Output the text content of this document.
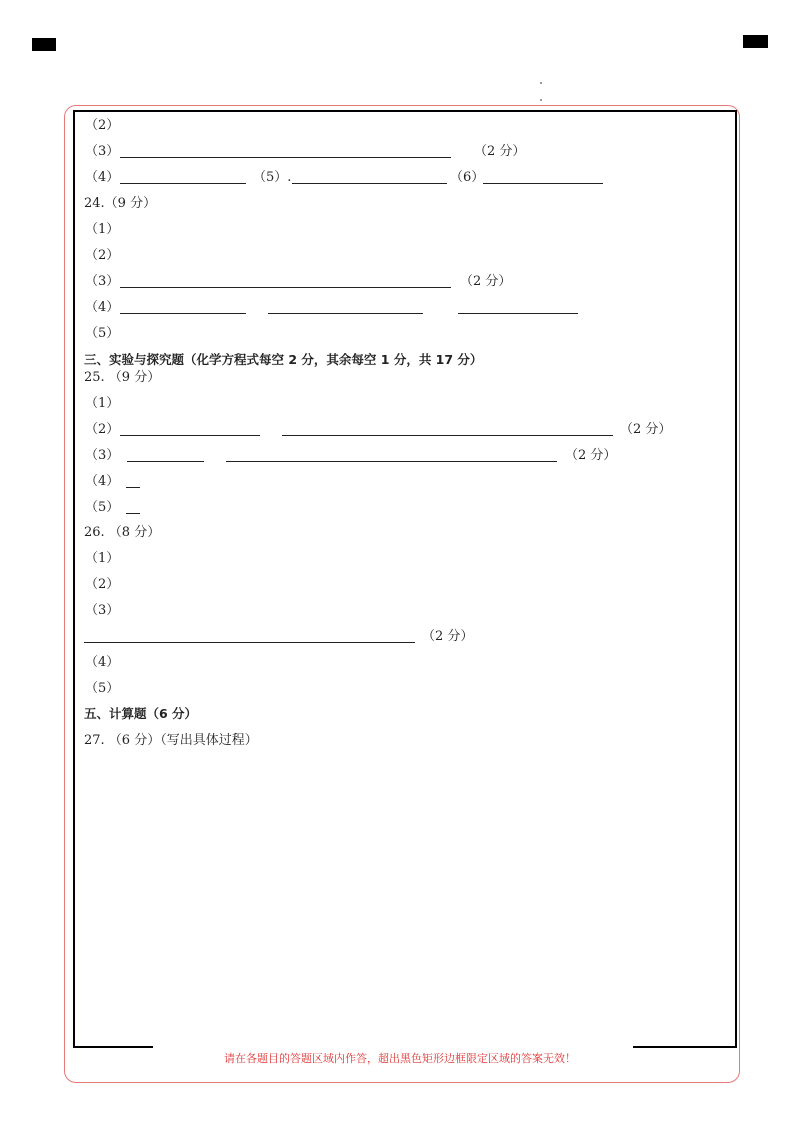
请在各题目的答题区域内作答，超出黑色矩形边框限定区域的答案无效！
（2）
（3）	（2 分）
（4）	（5）.	（6）
24.（9 分）
（1）
（2）
（3）	（2 分）
（4）
（5）
三、实验与探究题（化学方程式每空 2 分，其余每空 1 分，共 17 分）
25. （9 分）
（1）
（2）	（2 分）
（3）	（2 分）
（4）
（5）
26. （8 分）
（1）
（2）
（3）
（2 分）
（4）
（5）
五、计算题（6 分）
27. （6 分）（写出具体过程）
